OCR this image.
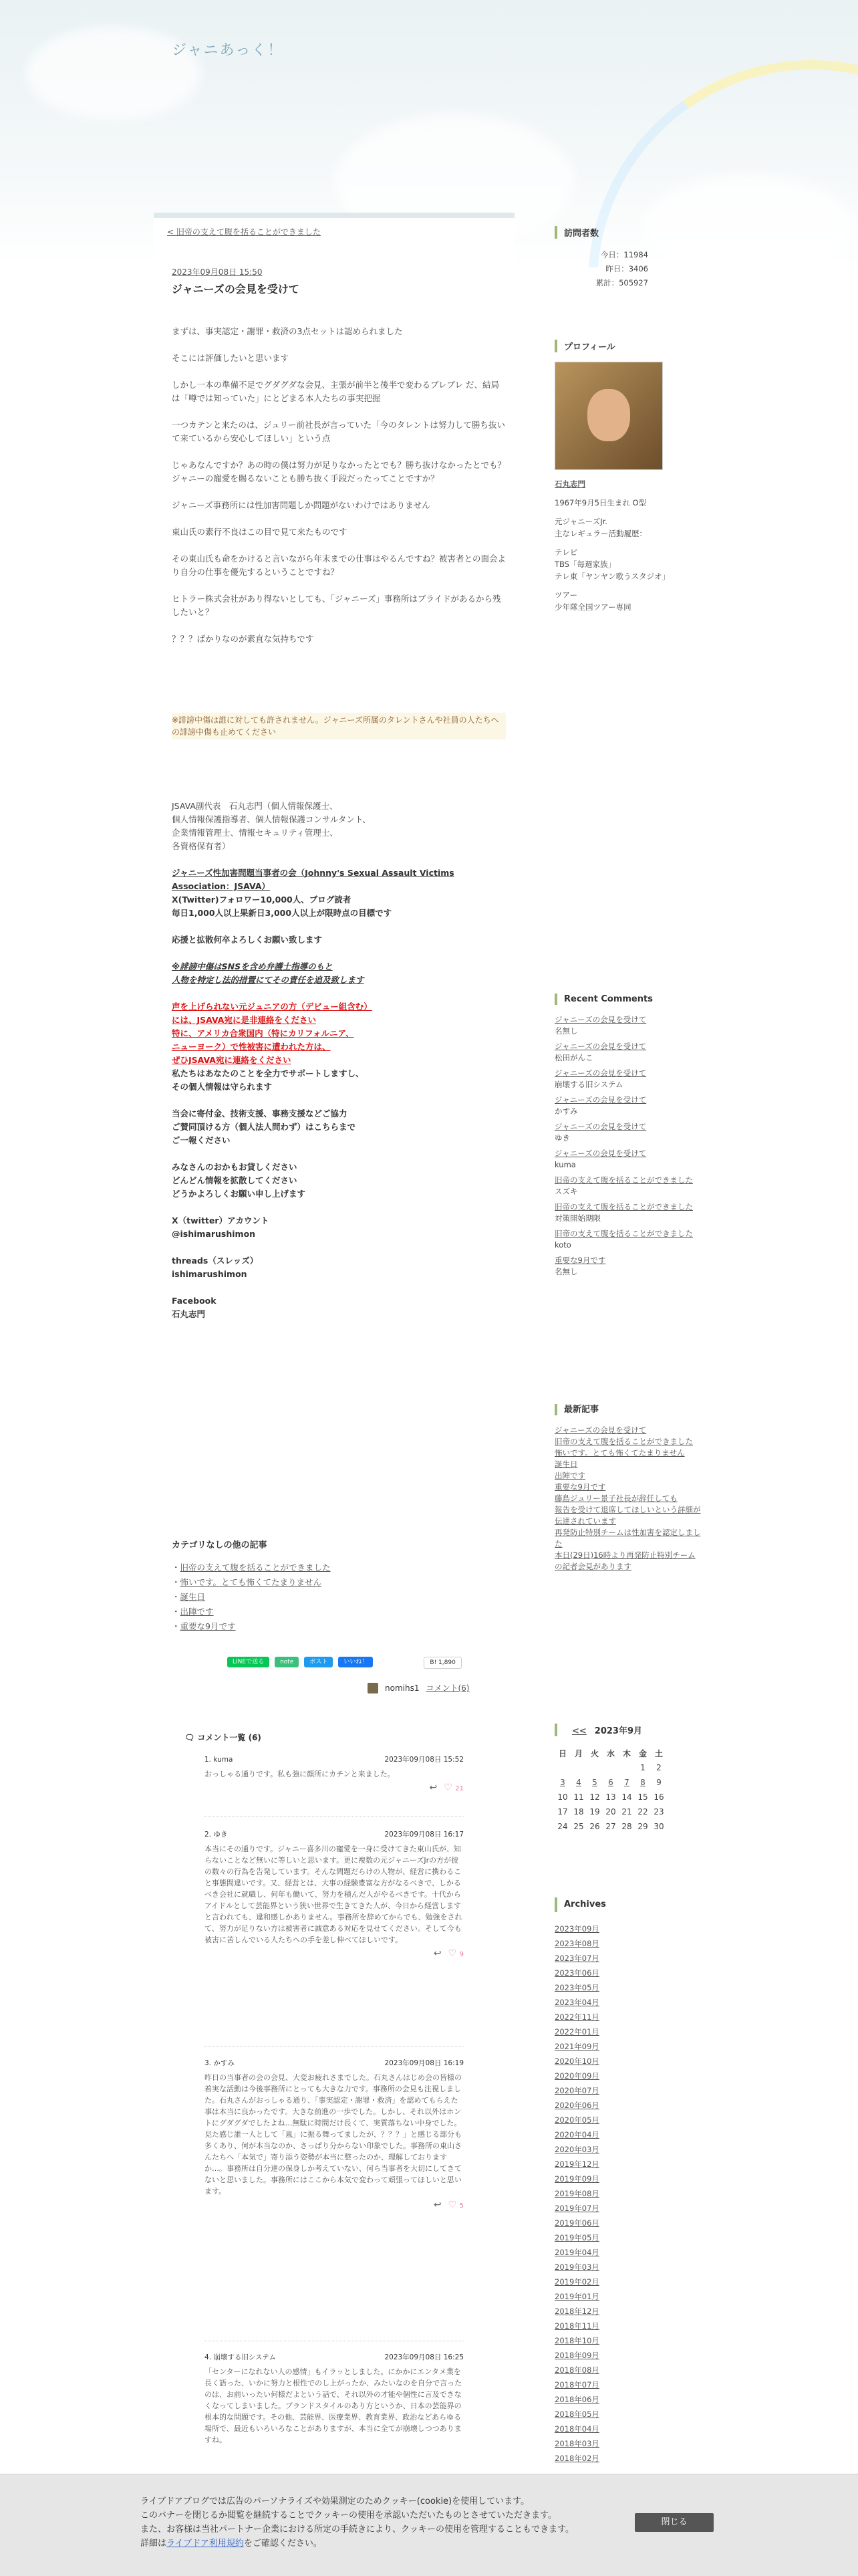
ジャニあっく！
< 旧帝の支えて腹を括ることができました
2023年09月08日 15:50
ジャニーズの会見を受けて

まずは、事実認定・謝罪・救済の3点セットは認められました

そこには評価したいと思います

しかし一本の準備不足でグダグダな会見、主張が前半と後半で変わるブレブレ だ、結局は「噂では知っていた」にとどまる本人たちの事実把握

一つカテンと来たのは、ジュリー前社長が言っていた「今のタレントは努力して勝ち抜いて来ているから安心してほしい」という点

じゃあなんですか？あの時の僕は努力が足りなかったとでも？勝ち抜けなかったとでも？ ジャニーの寵愛を賜るないことも勝ち抜く手段だったってことですか？

ジャニーズ事務所には性加害問題しか問題がないわけではありません

東山氏の素行不良はこの目で見て来たものです

その東山氏も命をかけると言いながら年末までの仕事はやるんですね？被害者との面会より自分の仕事を優先するということですね？

ヒトラー株式会社があり得ないとしても、「ジャニーズ」事務所はブライドがあるから残したいと？

？？？ばかりなのが素直な気持ちです

※誹謗中傷は誰に対しても許されません。ジャニーズ所属のタレントさんや社員の人たちへの誹謗中傷も止めてください

JSAVA副代表　石丸志門（個人情報保護士、
個人情報保護指導者、個人情報保護コンサルタント、
企業情報管理士、情報セキュリティ管理士、
各資格保有者）
ジャニーズ性加害問題当事者の会（Johnny's Sexual Assault Victims Association：JSAVA）
X(Twitter)フォロワー10,000人、ブログ読者
毎日1,000人以上果新日3,000人以上が限時点の目標です
応援と拡散何卒よろしくお願い致します
※誹謗中傷はSNSを含め弁護士指導のもと
人物を特定し法的措置にてその責任を追及致します
声を上げられない元ジュニアの方（デビュー組含む）
には、JSAVA宛に是非連絡をください
特に、アメリカ合衆国内（特にカリフォルニア、
ニューヨーク）で性被害に遭われた方は、
ぜひJSAVA宛に連絡をください
私たちはあなたのことを全力でサポートしますし、
その個人情報は守られます
当会に寄付金、技術支援、事務支援などご協力
ご賛同頂ける方（個人法人問わず）はこちらまで
ご一報ください
みなさんのおかもお貸しください
どんどん情報を拡散してください
どうかよろしくお願い申し上げます
X（twitter）アカウント
@ishimarushimon
threads（スレッズ）
ishimarushimon
Facebook
石丸志門
カテゴリなしの他の記事
・ 旧帝の支えて腹を括ることができました
・ 怖いです。とても怖くてたまりません
・ 誕生日
・ 出陣です
・ 重要な9月です
LINEで送る	note	ポスト	いいね！	B! 1,890
nomihs1 コメント(6)
🗨 コメント一覧 (6)
1. kuma	2023年09月08日 15:52
おっしゃる通りです。私も強に顔所にカチンと来ました。
↩ ♡ 21
2. ゆき	2023年09月08日 16:17
本当にその通りです。ジャニー喜多川の寵愛を一身に受けてきた東山氏が、知らないことなど無いに等しいと思います。更に複数の元ジャニーズJrの方が彼の数々の行為を告発しています。そんな問題だらけの人物が、経営に携わること事態間違いです。又、経営とは、大事の経験豊富な方がなるべきで、しかるべき会社に就職し、何年も働いて、努力を積んだ人がやるべきです。十代からアイドルとして芸能界という狭い世界で生きてきた人が、今日から経営しますと言われても、違和感しかありません。事務所を辞めてからでも、勉強をされて、努力が足りない方は被害者に誠意ある対応を見せてください。そして今も被害に苦しんでいる人たちへの手を差し伸べてほしいです。
↩ ♡ 9
3. かすみ	2023年09月08日 16:19
昨日の当事者の会の会見、大変お疲れさまでした。石丸さんはじめ会の皆様の着実な活動は今後事務所にとっても大きな力です。事務所の会見も注視しました。石丸さんがおっしゃる通り、「事実認定・謝罪・救済」を認めてもらえた事は本当に良かったです。大きな前進の一歩でした。しかし、それ以外はホントにグダグダでしたよね…無駄に時間だけ長くて、実質落ちない中身でした。見た感じ誰一人として「嵐」に振る舞ってましたが、？？？」と感じる部分も多くあり、何が本当なのか、さっぱり分からない印象でした。事務所の東山さんたちへ「本気で」寄り添う姿勢が本当に整ったのか、理解しておりますか…。事務所は自分達の保身しか考えていない、何ら当事者を大切にしてきてないと思いました。事務所にはここから本気で変わって頑張ってほしいと思います。
↩ ♡ 5
4. 崩壊する旧システム	2023年09月08日 16:25
「センターになれない人の感情」もイラッとしました。にかかにエンタメ業を長く語った、いかに努力と根性でのし上がったか、みたいなのを自分で言ったのは、お前いったい何様だよという話で、それ以外の才能や個性に言及できなくなってしまいました。ブランドスタイルのあり方というか、日本の芸能界の根本的な問題です。その他、芸能界、医療業界、教育業界、政治などあらゆる場所で、最近もいろいろなことがありますが、本当に全てが崩壊しつつありますね。
訪問者数
今日：11984
昨日：3406
累計：505927
プロフィール
石丸志門
1967年9月5日生まれ O型
元ジャニーズJr.
主なレギュラー活動履歴：
テレビ
TBS「毎週家族」
テレ東「ヤンヤン歌うスタジオ」
ツアー
少年隊全国ツアー専同
Recent Comments
ジャニーズの会見を受けて
名無し
ジャニーズの会見を受けて
松田がんこ
ジャニーズの会見を受けて
崩壊する旧システム
ジャニーズの会見を受けて
かすみ
ジャニーズの会見を受けて
ゆき
ジャニーズの会見を受けて
kuma
旧帝の支えて腹を括ることができました
スズキ
旧帝の支えて腹を括ることができました
対策開始期限
旧帝の支えて腹を括ることができました
koto
重要な9月です
名無し
最新記事
ジャニーズの会見を受けて
旧帝の支えて腹を括ることができました
怖いです。とても怖くてたまりません
誕生日
出陣です
重要な9月です
藤島ジュリー景子社長が辞任しても
報告を受けて退席してほしいという詳細が伝達されています
再発防止特別チームは性加害を認定しました
本日(29日)16時より再発防止特別チームの記者会見があります
<< 2023年9月
日	月	火	水	木	金	土
					1	2
3	4	5	6	7	8	9
10	11	12	13	14	15	16
17	18	19	20	21	22	23
24	25	26	27	28	29	30
Archives
2023年09月
2023年08月
2023年07月
2023年06月
2023年05月
2023年04月
2022年11月
2022年01月
2021年09月
2020年10月
2020年09月
2020年07月
2020年06月
2020年05月
2020年04月
2020年03月
2019年12月
2019年09月
2019年08月
2019年07月
2019年06月
2019年05月
2019年04月
2019年03月
2019年02月
2019年01月
2018年12月
2018年11月
2018年10月
2018年09月
2018年08月
2018年07月
2018年06月
2018年05月
2018年04月
2018年03月
2018年02月
ライブドアブログでは広告のパーソナライズや効果測定のためクッキー(cookie)を使用しています。
このバナーを閉じるか閲覧を継続することでクッキーの使用を承認いただいたものとさせていただきます。
また、お客様は当社パートナー企業における所定の手続きにより、クッキーの使用を管理することもできます。
詳細はライブドア利用規約をご確認ください。
閉じる
